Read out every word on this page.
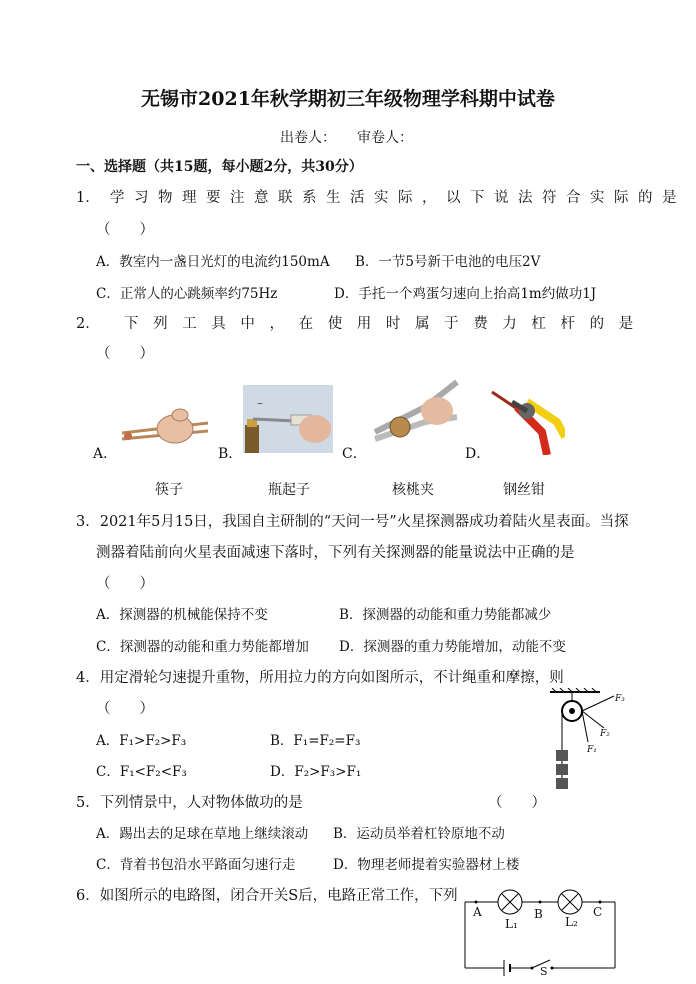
无锡市2021年秋学期初三年级物理学科期中试卷
出卷人： 审卷人：
一、选择题（共15题，每小题2分，共30分）
1． 学习物理要注意联系生活实际，以下说法符合实际的是
（　　）
A．教室内一盏日光灯的电流约150mA B．一节5号新干电池的电压2V
C．正常人的心跳频率约75Hz	D．手托一个鸡蛋匀速向上抬高1m约做功1J
2． 下列工具中，在使用时属于费力杠杆的是
（　　）
~
A．	B．	C．	D．
筷子	瓶起子	核桃夹	钢丝钳
3．2021年5月15日，我国自主研制的“天问一号”火星探测器成功着陆火星表面。当探
测器着陆前向火星表面减速下落时，下列有关探测器的能量说法中正确的是
（　　）
A．探测器的机械能保持不变	B．探测器的动能和重力势能都减少
C．探测器的动能和重力势能都增加 D．探测器的重力势能增加，动能不变
4．用定滑轮匀速提升重物，所用拉力的方向如图所示，不计绳重和摩擦，则
（　　）
A．F₁>F₂>F₃	B．F₁=F₂=F₃
C．F₁<F₂<F₃	D．F₂>F₃>F₁
F₃
F₂
F₁
5．下列情景中，人对物体做功的是	（　　）
A．踢出去的足球在草地上继续滚动 B．运动员举着杠铃原地不动
C．背着书包沿水平路面匀速行走	D．物理老师提着实验器材上楼
6．如图所示的电路图，闭合开关S后，电路正常工作，下列
A	B	C
L₁	L₂
S
